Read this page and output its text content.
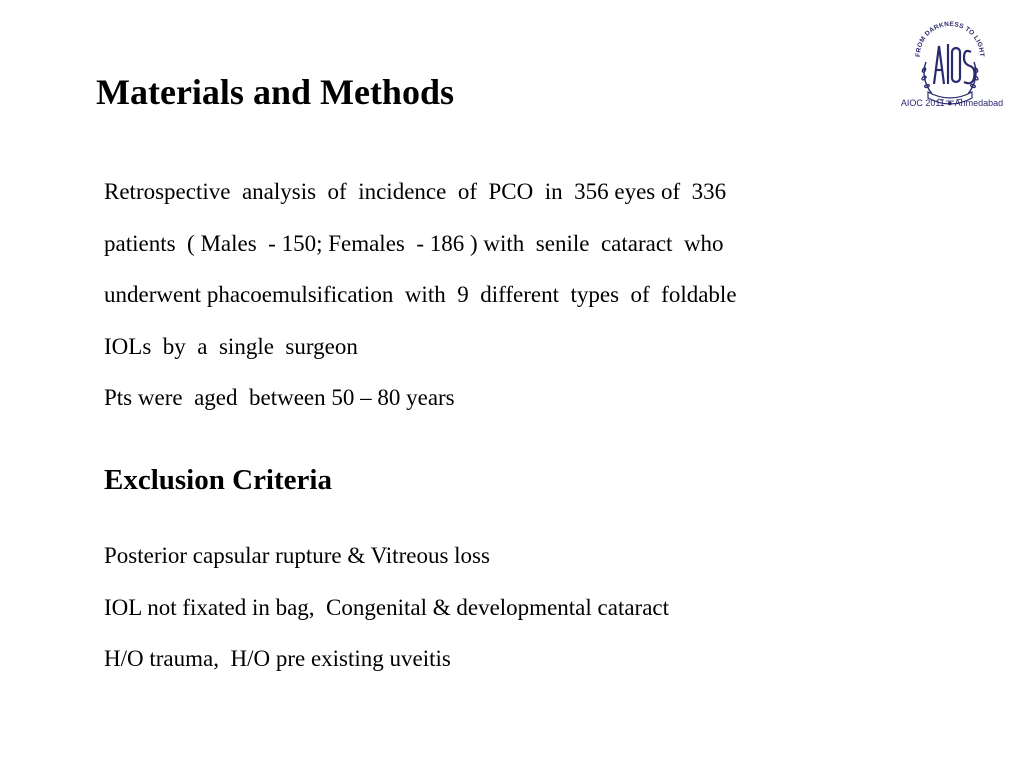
Materials and Methods
FROM DARKNESS TO LIGHT
AIOC 2011 ● Ahmedabad
Retrospective  analysis  of  incidence  of  PCO  in  356 eyes of  336
patients  ( Males  - 150; Females  - 186 ) with  senile  cataract  who
underwent phacoemulsification  with  9  different  types  of  foldable
IOLs  by  a  single  surgeon
Pts were  aged  between 50 – 80 years
Exclusion Criteria
Posterior capsular rupture & Vitreous loss
IOL not fixated in bag,  Congenital & developmental cataract
H/O trauma,  H/O pre existing uveitis
